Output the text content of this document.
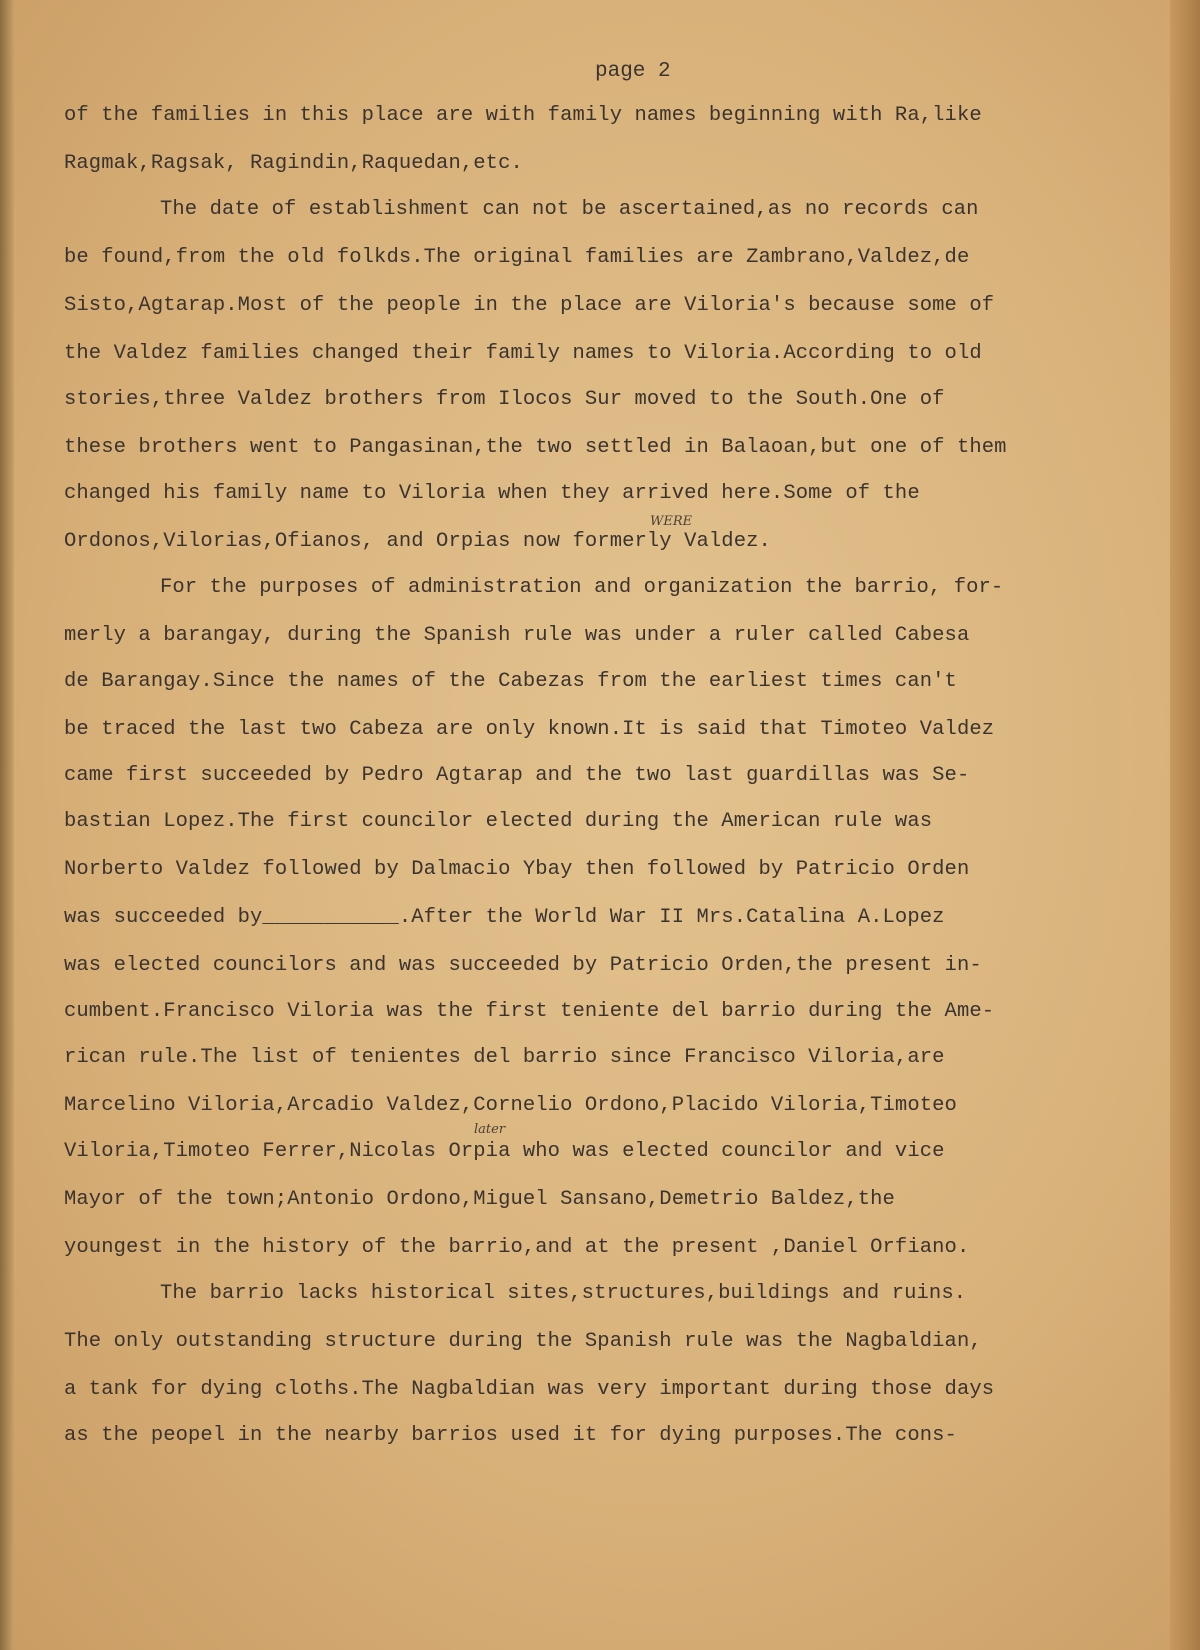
page 2
of the families in this place are with family names beginning with Ra,like
Ragmak,Ragsak, Ragindin,Raquedan,etc.
The date of establishment can not be ascertained,as no records can
be found,from the old folkds.The original families are Zambrano,Valdez,de
Sisto,Agtarap.Most of the people in the place are Viloria's because some of
the Valdez families changed their family names to Viloria.According to old
stories,three Valdez brothers from Ilocos Sur moved to the South.One of
these brothers went to Pangasinan,the two settled in Balaoan,but one of them
changed his family name to Viloria when they arrived here.Some of the
Ordonos,Vilorias,Ofianos, and Orpias now formerly Valdez.
WERE
For the purposes of administration and organization the barrio, for-
merly a barangay, during the Spanish rule was under a ruler called Cabesa
de Barangay.Since the names of the Cabezas from the earliest times can't
be traced the last two Cabeza are only known.It is said that Timoteo Valdez
came first succeeded by Pedro Agtarap and the two last guardillas was Se-
bastian Lopez.The first councilor elected during the American rule was
Norberto Valdez followed by Dalmacio Ybay then followed by Patricio Orden
was succeeded by___________.After the World War II Mrs.Catalina A.Lopez
was elected councilors and was succeeded by Patricio Orden,the present in-
cumbent.Francisco Viloria was the first teniente del barrio during the Ame-
rican rule.The list of tenientes del barrio since Francisco Viloria,are
Marcelino Viloria,Arcadio Valdez,Cornelio Ordono,Placido Viloria,Timoteo
Viloria,Timoteo Ferrer,Nicolas Orpia who was elected councilor and vice
later
Mayor of the town;Antonio Ordono,Miguel Sansano,Demetrio Baldez,the
youngest in the history of the barrio,and at the present ,Daniel Orfiano.
The barrio lacks historical sites,structures,buildings and ruins.
The only outstanding structure during the Spanish rule was the Nagbaldian,
a tank for dying cloths.The Nagbaldian was very important during those days
as the peopel in the nearby barrios used it for dying purposes.The cons-
